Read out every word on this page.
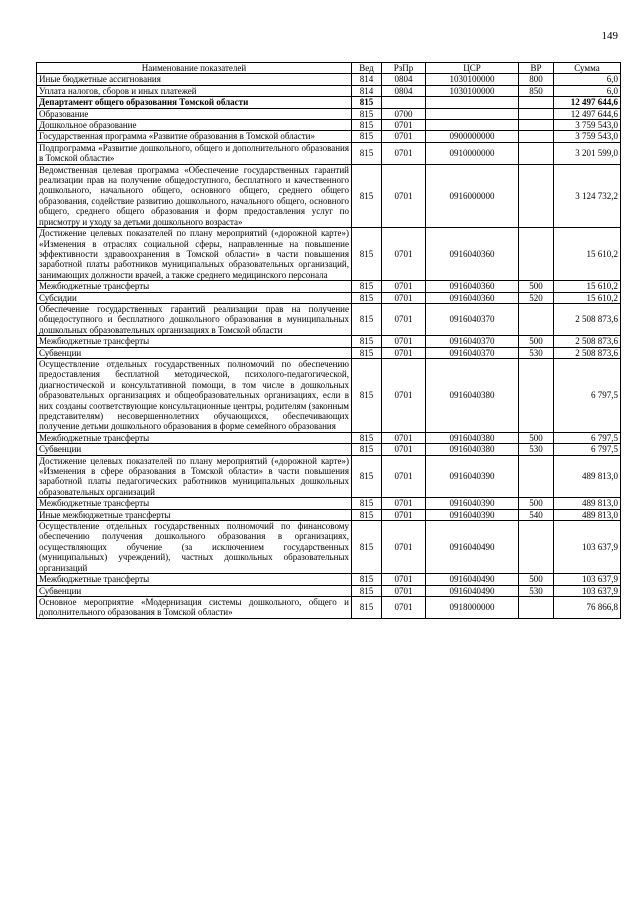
149
Наименование показателей	Вед	РзПр	ЦСР	ВР	Сумма
Иные бюджетные ассигнования	814	0804	1030100000	800	6,0
Уплата налогов, сборов и иных платежей	814	0804	1030100000	850	6,0
Департамент общего образования Томской области	815				12 497 644,6
Образование	815	0700			12 497 644,6
Дошкольное образование	815	0701			3 759 543,0
Государственная программа «Развитие образования в Томской области»	815	0701	0900000000		3 759 543,0
Подпрограмма «Развитие дошкольного, общего и дополнительного образования в Томской области»	815	0701	0910000000		3 201 599,0
Ведомственная целевая программа «Обеспечение государственных гарантий реализации прав на получение общедоступного, бесплатного и качественного дошкольного, начального общего, основного общего, среднего общего образования, содействие развитию дошкольного, начального общего, основного общего, среднего общего образования и форм предоставления услуг по присмотру и уходу за детьми дошкольного возраста»	815	0701	0916000000		3 124 732,2
Достижение целевых показателей по плану мероприятий («дорожной карте») «Изменения в отраслях социальной сферы, направленные на повышение эффективности здравоохранения в Томской области» в части повышения заработной платы работников муниципальных образовательных организаций, занимающих должности врачей, а также среднего медицинского персонала	815	0701	0916040360		15 610,2
Межбюджетные трансферты	815	0701	0916040360	500	15 610,2
Субсидии	815	0701	0916040360	520	15 610,2
Обеспечение государственных гарантий реализации прав на получение общедоступного и бесплатного дошкольного образования в муниципальных дошкольных образовательных организациях в Томской области	815	0701	0916040370		2 508 873,6
Межбюджетные трансферты	815	0701	0916040370	500	2 508 873,6
Субвенции	815	0701	0916040370	530	2 508 873,6
Осуществление отдельных государственных полномочий по обеспечению предоставления бесплатной методической, психолого-педагогической, диагностической и консультативной помощи, в том числе в дошкольных образовательных организациях и общеобразовательных организациях, если в них созданы соответствующие консультационные центры, родителям (законным представителям) несовершеннолетних обучающихся, обеспечивающих получение детьми дошкольного образования в форме семейного образования	815	0701	0916040380		6 797,5
Межбюджетные трансферты	815	0701	0916040380	500	6 797,5
Субвенции	815	0701	0916040380	530	6 797,5
Достижение целевых показателей по плану мероприятий («дорожной карте») «Изменения в сфере образования в Томской области» в части повышения заработной платы педагогических работников муниципальных дошкольных образовательных организаций	815	0701	0916040390		489 813,0
Межбюджетные трансферты	815	0701	0916040390	500	489 813,0
Иные межбюджетные трансферты	815	0701	0916040390	540	489 813,0
Осуществление отдельных государственных полномочий по финансовому обеспечению получения дошкольного образования в организациях, осуществляющих обучение (за исключением государственных (муниципальных) учреждений), частных дошкольных образовательных организаций	815	0701	0916040490		103 637,9
Межбюджетные трансферты	815	0701	0916040490	500	103 637,9
Субвенции	815	0701	0916040490	530	103 637,9
Основное мероприятие «Модернизация системы дошкольного, общего и дополнительного образования в Томской области»	815	0701	0918000000		76 866,8
